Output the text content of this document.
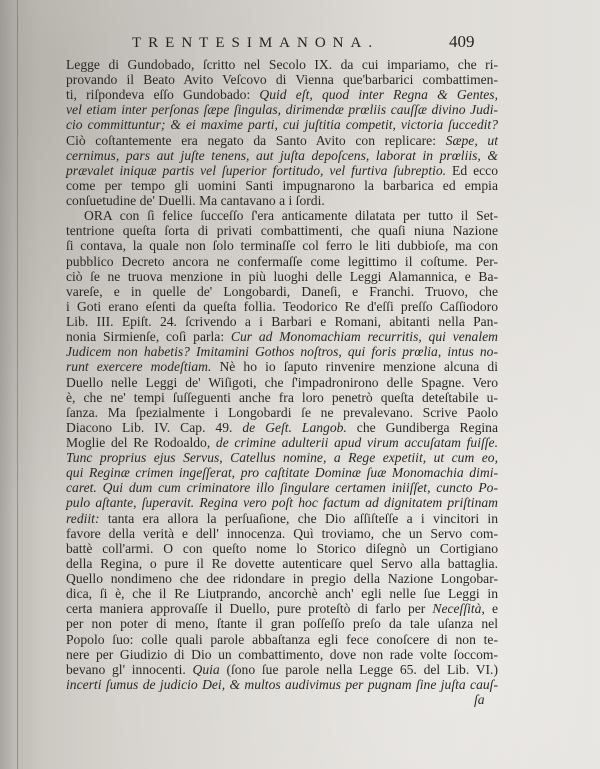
TRENTESIMANONA.	409
Legge di Gundobado, ſcritto nel Secolo IX. da cui impariamo, che ri-
provando il Beato Avito Veſcovo di Vienna que'barbarici combattimen-
ti, riſpondeva eſſo Gundobado: Quid eſt, quod inter Regna & Gentes,
vel etiam inter perſonas ſæpe ſingulas, dirimendæ prœliis cauſſæ divino Judi-
cio committuntur; & ei maxime parti, cui juſtitia competit, victoria ſuccedit?
Ciò coſtantemente era negato da Santo Avito con replicare: Sæpe, ut
cernimus, pars aut juſte tenens, aut juſta depoſcens, laborat in prœliis, &
prævalet iniquæ partis vel ſuperior fortitudo, vel furtiva ſubreptio. Ed ecco
come per tempo gli uomini Santi impugnarono la barbarica ed empia
conſuetudine de' Duelli. Ma cantavano a i ſordi.
ORA con ſì felice ſucceſſo ſ'era anticamente dilatata per tutto il Set-
tentrione queſta ſorta di privati combattimenti, che quaſi niuna Nazione
ſi contava, la quale non ſolo terminaſſe col ferro le liti dubbioſe, ma con
pubblico Decreto ancora ne confermaſſe come legittimo il coſtume. Per-
ciò ſe ne truova menzione in più luoghi delle Leggi Alamannica, e Ba-
vareſe, e in quelle de' Longobardi, Daneſi, e Franchi. Truovo, che
i Goti erano eſenti da queſta follia. Teodorico Re d'eſſi preſſo Caſſiodoro
Lib. III. Epiſt. 24. ſcrivendo a i Barbari e Romani, abitanti nella Pan-
nonia Sirmienſe, coſì parla: Cur ad Monomachiam recurritis, qui venalem
Judicem non habetis? Imitamini Gothos noſtros, qui foris prœlia, intus no-
runt exercere modeſtiam. Nè ho io ſaputo rinvenire menzione alcuna di
Duello nelle Leggi de' Wiſigoti, che ſ'impadronirono delle Spagne. Vero
è, che ne' tempi ſuſſeguenti anche fra loro penetrò queſta deteſtabile u-
ſanza. Ma ſpezialmente i Longobardi ſe ne prevalevano. Scrive Paolo
Diacono Lib. IV. Cap. 49. de Geſt. Langob. che Gundiberga Regina
Moglie del Re Rodoaldo, de crimine adulterii apud virum accuſatam fuiſſe.
Tunc proprius ejus Servus, Catellus nomine, a Rege expetiit, ut cum eo,
qui Reginæ crimen ingeſſerat, pro caſtitate Dominæ ſuæ Monomachia dimi-
caret. Qui dum cum criminatore illo ſingulare certamen iniiſſet, cuncto Po-
pulo aſtante, ſuperavit. Regina vero poſt hoc factum ad dignitatem priſtinam
rediit: tanta era allora la perſuaſione, che Dio aſſiſteſſe a i vincitori in
favore della verità e dell' innocenza. Quì troviamo, che un Servo com-
battè coll'armi. O con queſto nome lo Storico diſegnò un Cortigiano
della Regina, o pure il Re dovette autenticare quel Servo alla battaglia.
Quello nondimeno che dee ridondare in pregio della Nazione Longobar-
dica, ſi è, che il Re Liutprando, ancorchè anch' egli nelle ſue Leggi in
certa maniera approvaſſe il Duello, pure proteſtò di farlo per Neceſſità, e
per non poter di meno, ſtante il gran poſſeſſo preſo da tale uſanza nel
Popolo ſuo: colle quali parole abbaſtanza egli fece conoſcere di non te-
nere per Giudizio di Dio un combattimento, dove non rade volte ſoccom-
bevano gl' innocenti. Quia (ſono ſue parole nella Legge 65. del Lib. VI.)
incerti ſumus de judicio Dei, & multos audivimus per pugnam ſine juſta cauſ-
ſa
